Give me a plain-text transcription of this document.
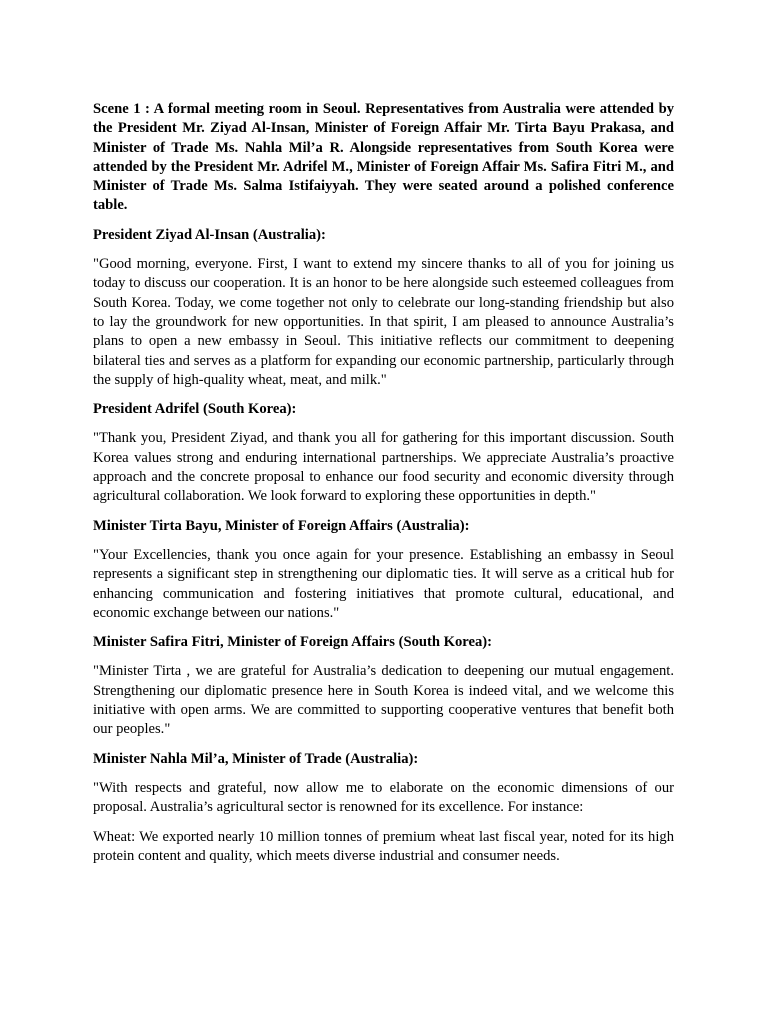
Scene 1 : A formal meeting room in Seoul. Representatives from Australia were attended by the President Mr. Ziyad Al-Insan, Minister of Foreign Affair Mr. Tirta Bayu Prakasa, and Minister of Trade Ms. Nahla Mil’a R. Alongside representatives from South Korea were attended by the President Mr. Adrifel M., Minister of Foreign Affair Ms. Safira Fitri M., and Minister of Trade Ms. Salma Istifaiyyah. They were seated around a polished conference table.

President Ziyad Al-Insan (Australia):

"Good morning, everyone. First, I want to extend my sincere thanks to all of you for joining us today to discuss our cooperation. It is an honor to be here alongside such esteemed colleagues from South Korea. Today, we come together not only to celebrate our long-standing friendship but also to lay the groundwork for new opportunities. In that spirit, I am pleased to announce Australia’s plans to open a new embassy in Seoul. This initiative reflects our commitment to deepening bilateral ties and serves as a platform for expanding our economic partnership, particularly through the supply of high-quality wheat, meat, and milk."

President Adrifel (South Korea):

"Thank you, President Ziyad, and thank you all for gathering for this important discussion. South Korea values strong and enduring international partnerships. We appreciate Australia’s proactive approach and the concrete proposal to enhance our food security and economic diversity through agricultural collaboration. We look forward to exploring these opportunities in depth."

Minister Tirta Bayu, Minister of Foreign Affairs (Australia):

"Your Excellencies, thank you once again for your presence. Establishing an embassy in Seoul represents a significant step in strengthening our diplomatic ties. It will serve as a critical hub for enhancing communication and fostering initiatives that promote cultural, educational, and economic exchange between our nations."

Minister Safira Fitri, Minister of Foreign Affairs (South Korea):

"Minister Tirta , we are grateful for Australia’s dedication to deepening our mutual engagement. Strengthening our diplomatic presence here in South Korea is indeed vital, and we welcome this initiative with open arms. We are committed to supporting cooperative ventures that benefit both our peoples."

Minister Nahla Mil’a, Minister of Trade (Australia):

"With respects and grateful, now allow me to elaborate on the economic dimensions of our proposal. Australia’s agricultural sector is renowned for its excellence. For instance:

Wheat: We exported nearly 10 million tonnes of premium wheat last fiscal year, noted for its high protein content and quality, which meets diverse industrial and consumer needs.
